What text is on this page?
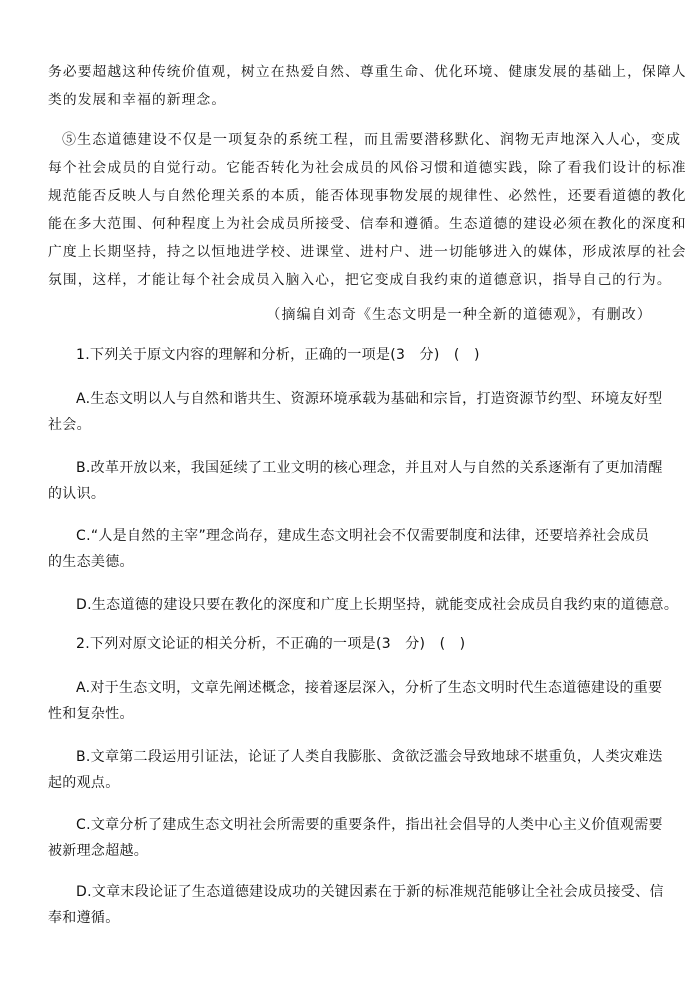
务必要超越这种传统价值观，树立在热爱自然、尊重生命、优化环境、健康发展的基础上，保障人
类的发展和幸福的新理念。
⑤生态道德建设不仅是一项复杂的系统工程，而且需要潜移默化、润物无声地深入人心，变成
每个社会成员的自觉行动。它能否转化为社会成员的风俗习惯和道德实践，除了看我们设计的标准
规范能否反映人与自然伦理关系的本质，能否体现事物发展的规律性、必然性，还要看道德的教化
能在多大范围、何种程度上为社会成员所接受、信奉和遵循。生态道德的建设必须在教化的深度和
广度上长期坚持，持之以恒地进学校、进课堂、进村户、进一切能够进入的媒体，形成浓厚的社会
氛围，这样，才能让每个社会成员入脑入心，把它变成自我约束的道德意识，指导自己的行为。
（摘编自刘奇《生态文明是一种全新的道德观》，有删改）
1.下列关于原文内容的理解和分析，正确的一项是(3　分)　(　)
A.生态文明以人与自然和谐共生、资源环境承载为基础和宗旨，打造资源节约型、环境友好型
社会。
B.改革开放以来，我国延续了工业文明的核心理念，并且对人与自然的关系逐渐有了更加清醒
的认识。
C.“人是自然的主宰”理念尚存，建成生态文明社会不仅需要制度和法律，还要培养社会成员
的生态美德。
D.生态道德的建设只要在教化的深度和广度上长期坚持，就能变成社会成员自我约束的道德意。
2.下列对原文论证的相关分析，不正确的一项是(3　分)　(　)
A.对于生态文明，文章先阐述概念，接着逐层深入，分析了生态文明时代生态道德建设的重要
性和复杂性。
B.文章第二段运用引证法，论证了人类自我膨胀、贪欲泛滥会导致地球不堪重负，人类灾难迭
起的观点。
C.文章分析了建成生态文明社会所需要的重要条件，指出社会倡导的人类中心主义价值观需要
被新理念超越。
D.文章末段论证了生态道德建设成功的关键因素在于新的标准规范能够让全社会成员接受、信
奉和遵循。
